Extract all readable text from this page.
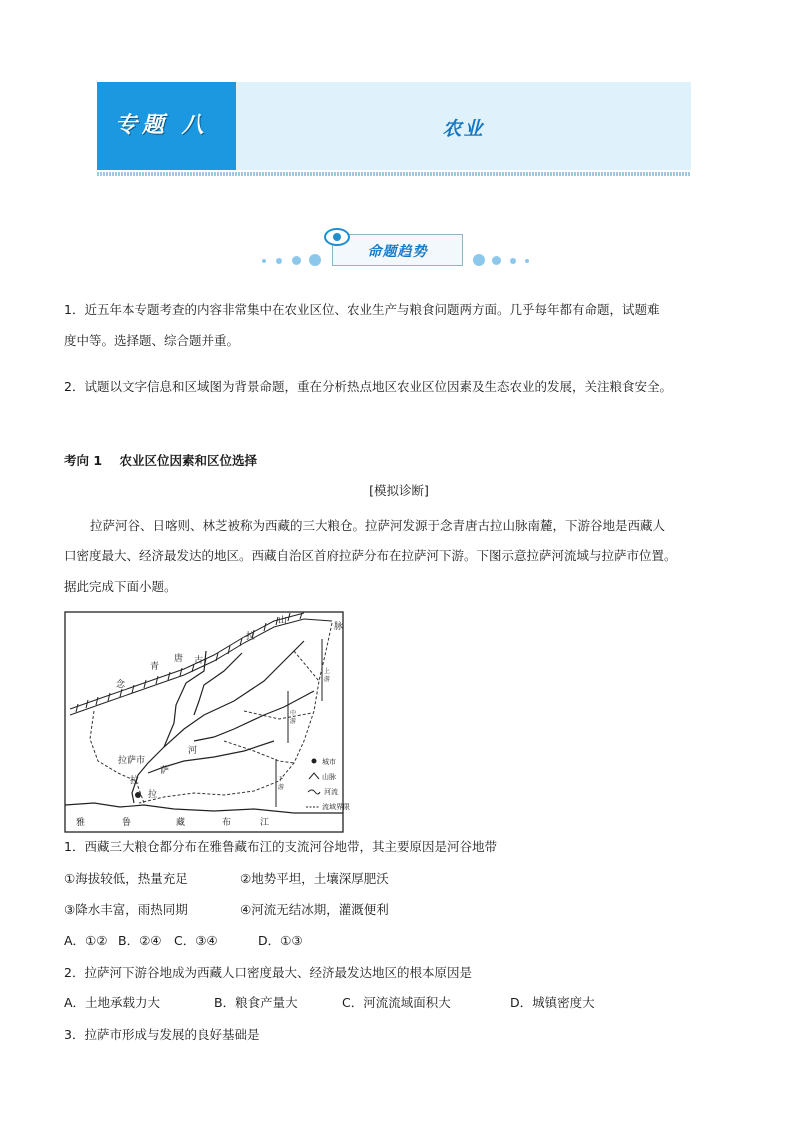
专题 八	农业
命题趋势
1．近五年本专题考查的内容非常集中在农业区位、农业生产与粮食问题两方面。几乎每年都有命题，试题难
度中等。选择题、综合题并重。
2．试题以文字信息和区域图为背景命题，重在分析热点地区农业区位因素及生态农业的发展，关注粮食安全。
考向 1    农业区位因素和区位选择
[模拟诊断]
拉萨河谷、日喀则、林芝被称为西藏的三大粮仓。拉萨河发源于念青唐古拉山脉南麓，下游谷地是西藏人
口密度最大、经济最发达的地区。西藏自治区首府拉萨分布在拉萨河下游。下图示意拉萨河流域与拉萨市位置。
据此完成下面小题。
山
脉
念
青
唐 古
拉
河
拉萨市
拉
萨
拉
雅	鲁	藏	布	江
上
游
中
游
下
游
城市
山脉
河流
流域界限
1．西藏三大粮仓都分布在雅鲁藏布江的支流河谷地带，其主要原因是河谷地带
①海拔较低，热量充足	②地势平坦，土壤深厚肥沃
③降水丰富，雨热同期	④河流无结冰期，灌溉便利
A．①② B．②④ C．③④	D．①③
2．拉萨河下游谷地成为西藏人口密度最大、经济最发达地区的根本原因是
A．土地承载力大	B．粮食产量大	C．河流流域面积大	D．城镇密度大
3．拉萨市形成与发展的良好基础是
